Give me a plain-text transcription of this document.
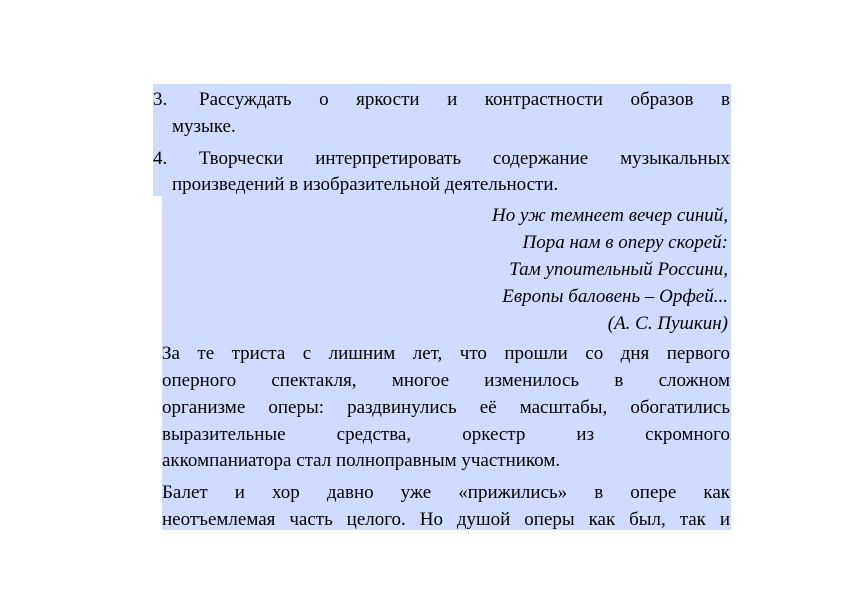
3. Рассуждать о яркости и контрастности образов в
музыке.
4. Творчески интерпретировать содержание музыкальных
произведений в изобразительной деятельности.
Но уж темнеет вечер синий,
Пора нам в оперу скорей:
Там упоительный Россини,
Европы баловень – Орфей...
(А. С. Пушкин)
За те триста с лишним лет, что прошли со дня первого
оперного спектакля, многое изменилось в сложном
организме оперы: раздвинулись её масштабы, обогатились
выразительные средства, оркестр из скромного
аккомпаниатора стал полноправным участником.
Балет и хор давно уже «прижились» в опере как
неотъемлемая часть целого. Но душой оперы как был, так и
